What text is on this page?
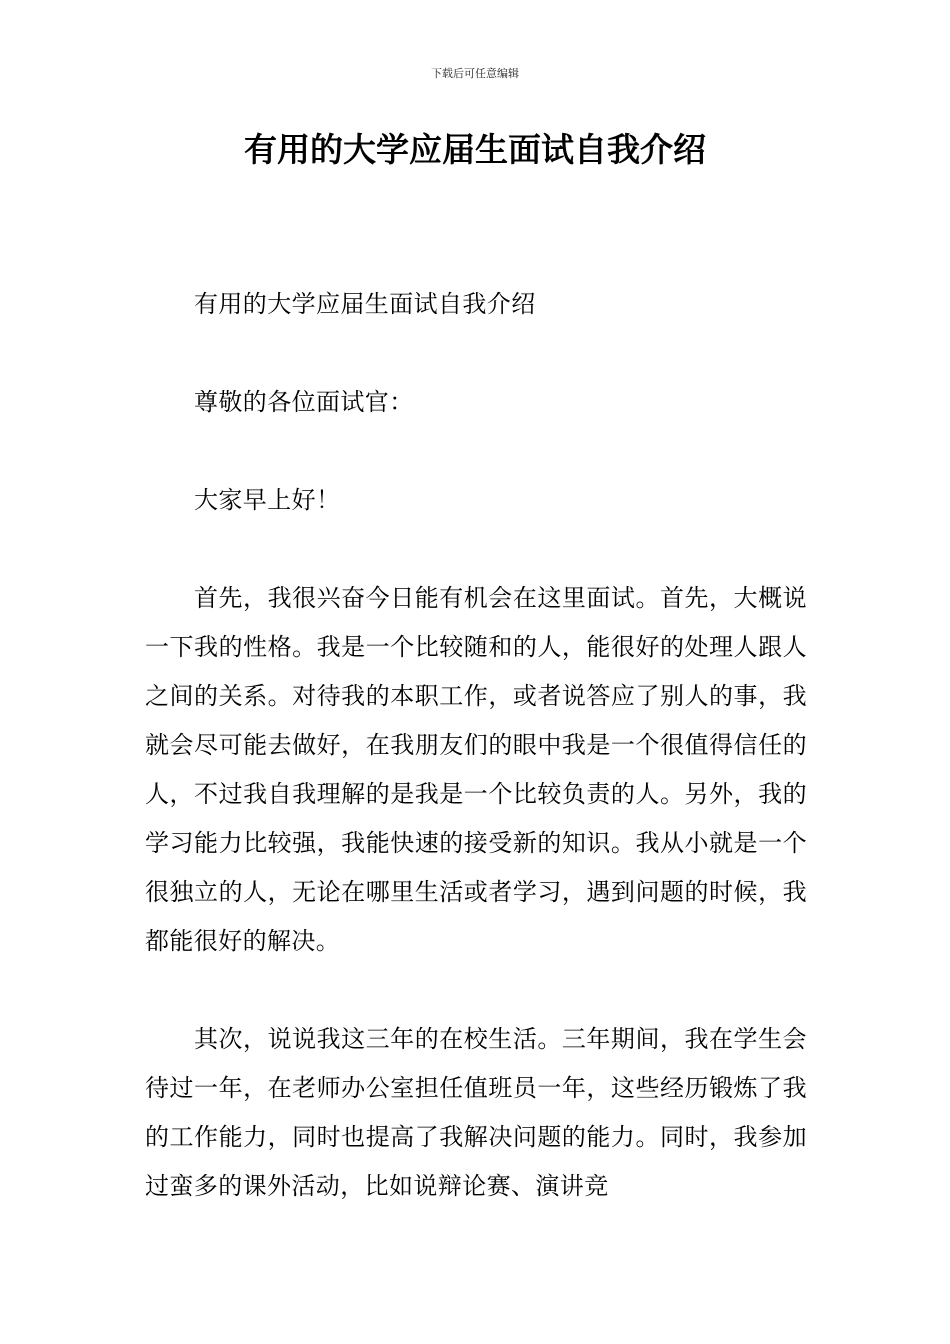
下载后可任意编辑
有用的大学应届生面试自我介绍

有用的大学应届生面试自我介绍

尊敬的各位面试官：

大家早上好！

首先，我很兴奋今日能有机会在这里面试。首先，大概说一下我的性格。我是一个比较随和的人，能很好的处理人跟人之间的关系。对待我的本职工作，或者说答应了别人的事，我就会尽可能去做好，在我朋友们的眼中我是一个很值得信任的人，不过我自我理解的是我是一个比较负责的人。另外，我的学习能力比较强，我能快速的接受新的知识。我从小就是一个很独立的人，无论在哪里生活或者学习，遇到问题的时候，我都能很好的解决。

其次，说说我这三年的在校生活。三年期间，我在学生会待过一年，在老师办公室担任值班员一年，这些经历锻炼了我的工作能力，同时也提高了我解决问题的能力。同时，我参加过蛮多的课外活动，比如说辩论赛、演讲竞
